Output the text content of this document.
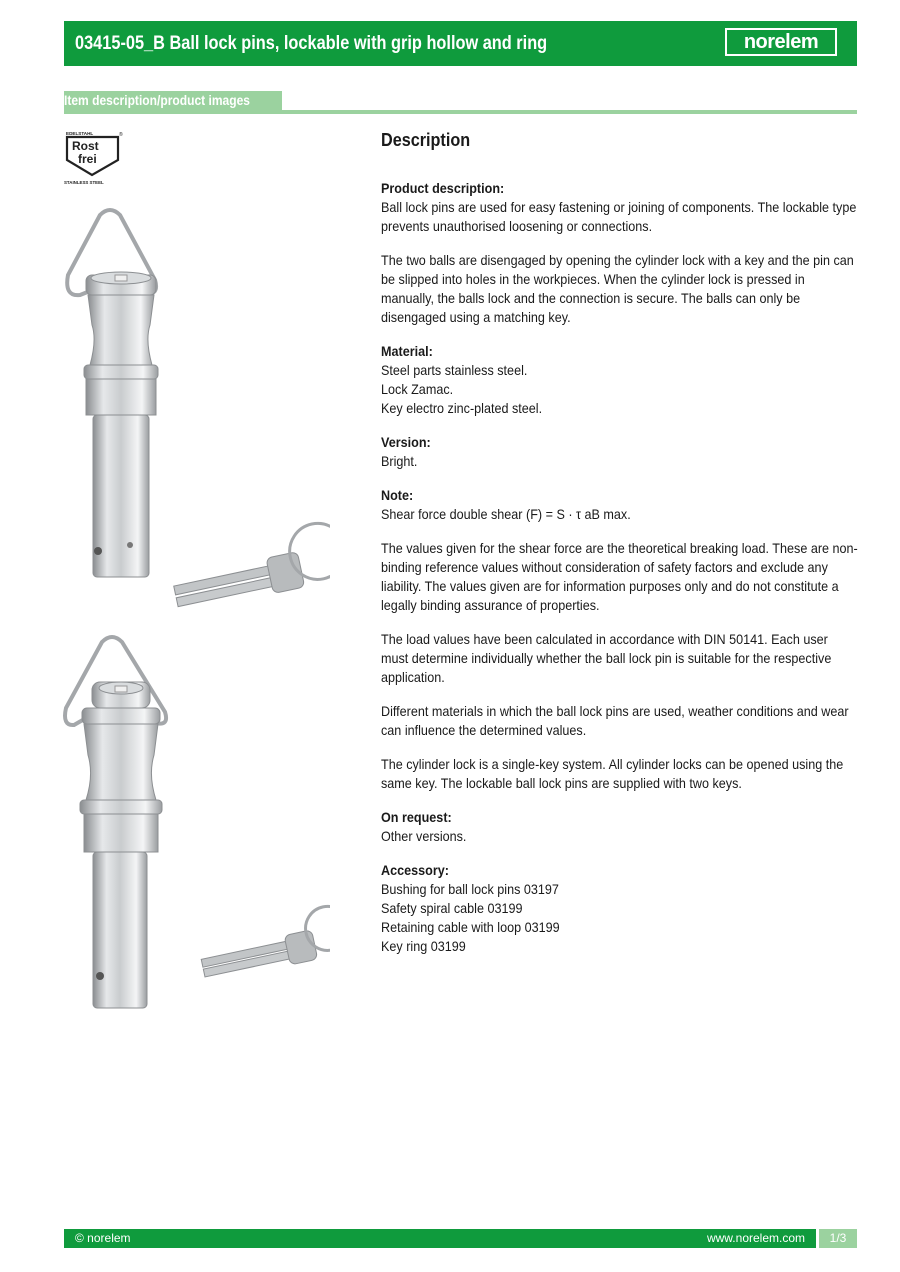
03415-05_B Ball lock pins, lockable with grip hollow and ring	norelem
Item description/product images
EDELSTAHL	®
Rost
frei
STAINLESS STEEL
Description
Product description:
Ball lock pins are used for easy fastening or joining of components. The lockable type prevents unauthorised loosening or connections.
The two balls are disengaged by opening the cylinder lock with a key and the pin can be slipped into holes in the workpieces. When the cylinder lock is pressed in manually, the balls lock and the connection is secure. The balls can only be disengaged using a matching key.
Material:
Steel parts stainless steel.
Lock Zamac.
Key electro zinc-plated steel.
Version:
Bright.
Note:
Shear force double shear (F) = S · τ aB max.
The values given for the shear force are the theoretical breaking load. These are non-binding reference values without consideration of safety factors and exclude any liability. The values given are for information purposes only and do not constitute a legally binding assurance of properties.
The load values have been calculated in accordance with DIN 50141. Each user must determine individually whether the ball lock pin is suitable for the respective application.
Different materials in which the ball lock pins are used, weather conditions and wear can influence the determined values.
The cylinder lock is a single-key system. All cylinder locks can be opened using the same key. The lockable ball lock pins are supplied with two keys.
On request:
Other versions.
Accessory:
Bushing for ball lock pins 03197
Safety spiral cable 03199
Retaining cable with loop 03199
Key ring 03199
© norelem	www.norelem.com	1/3
